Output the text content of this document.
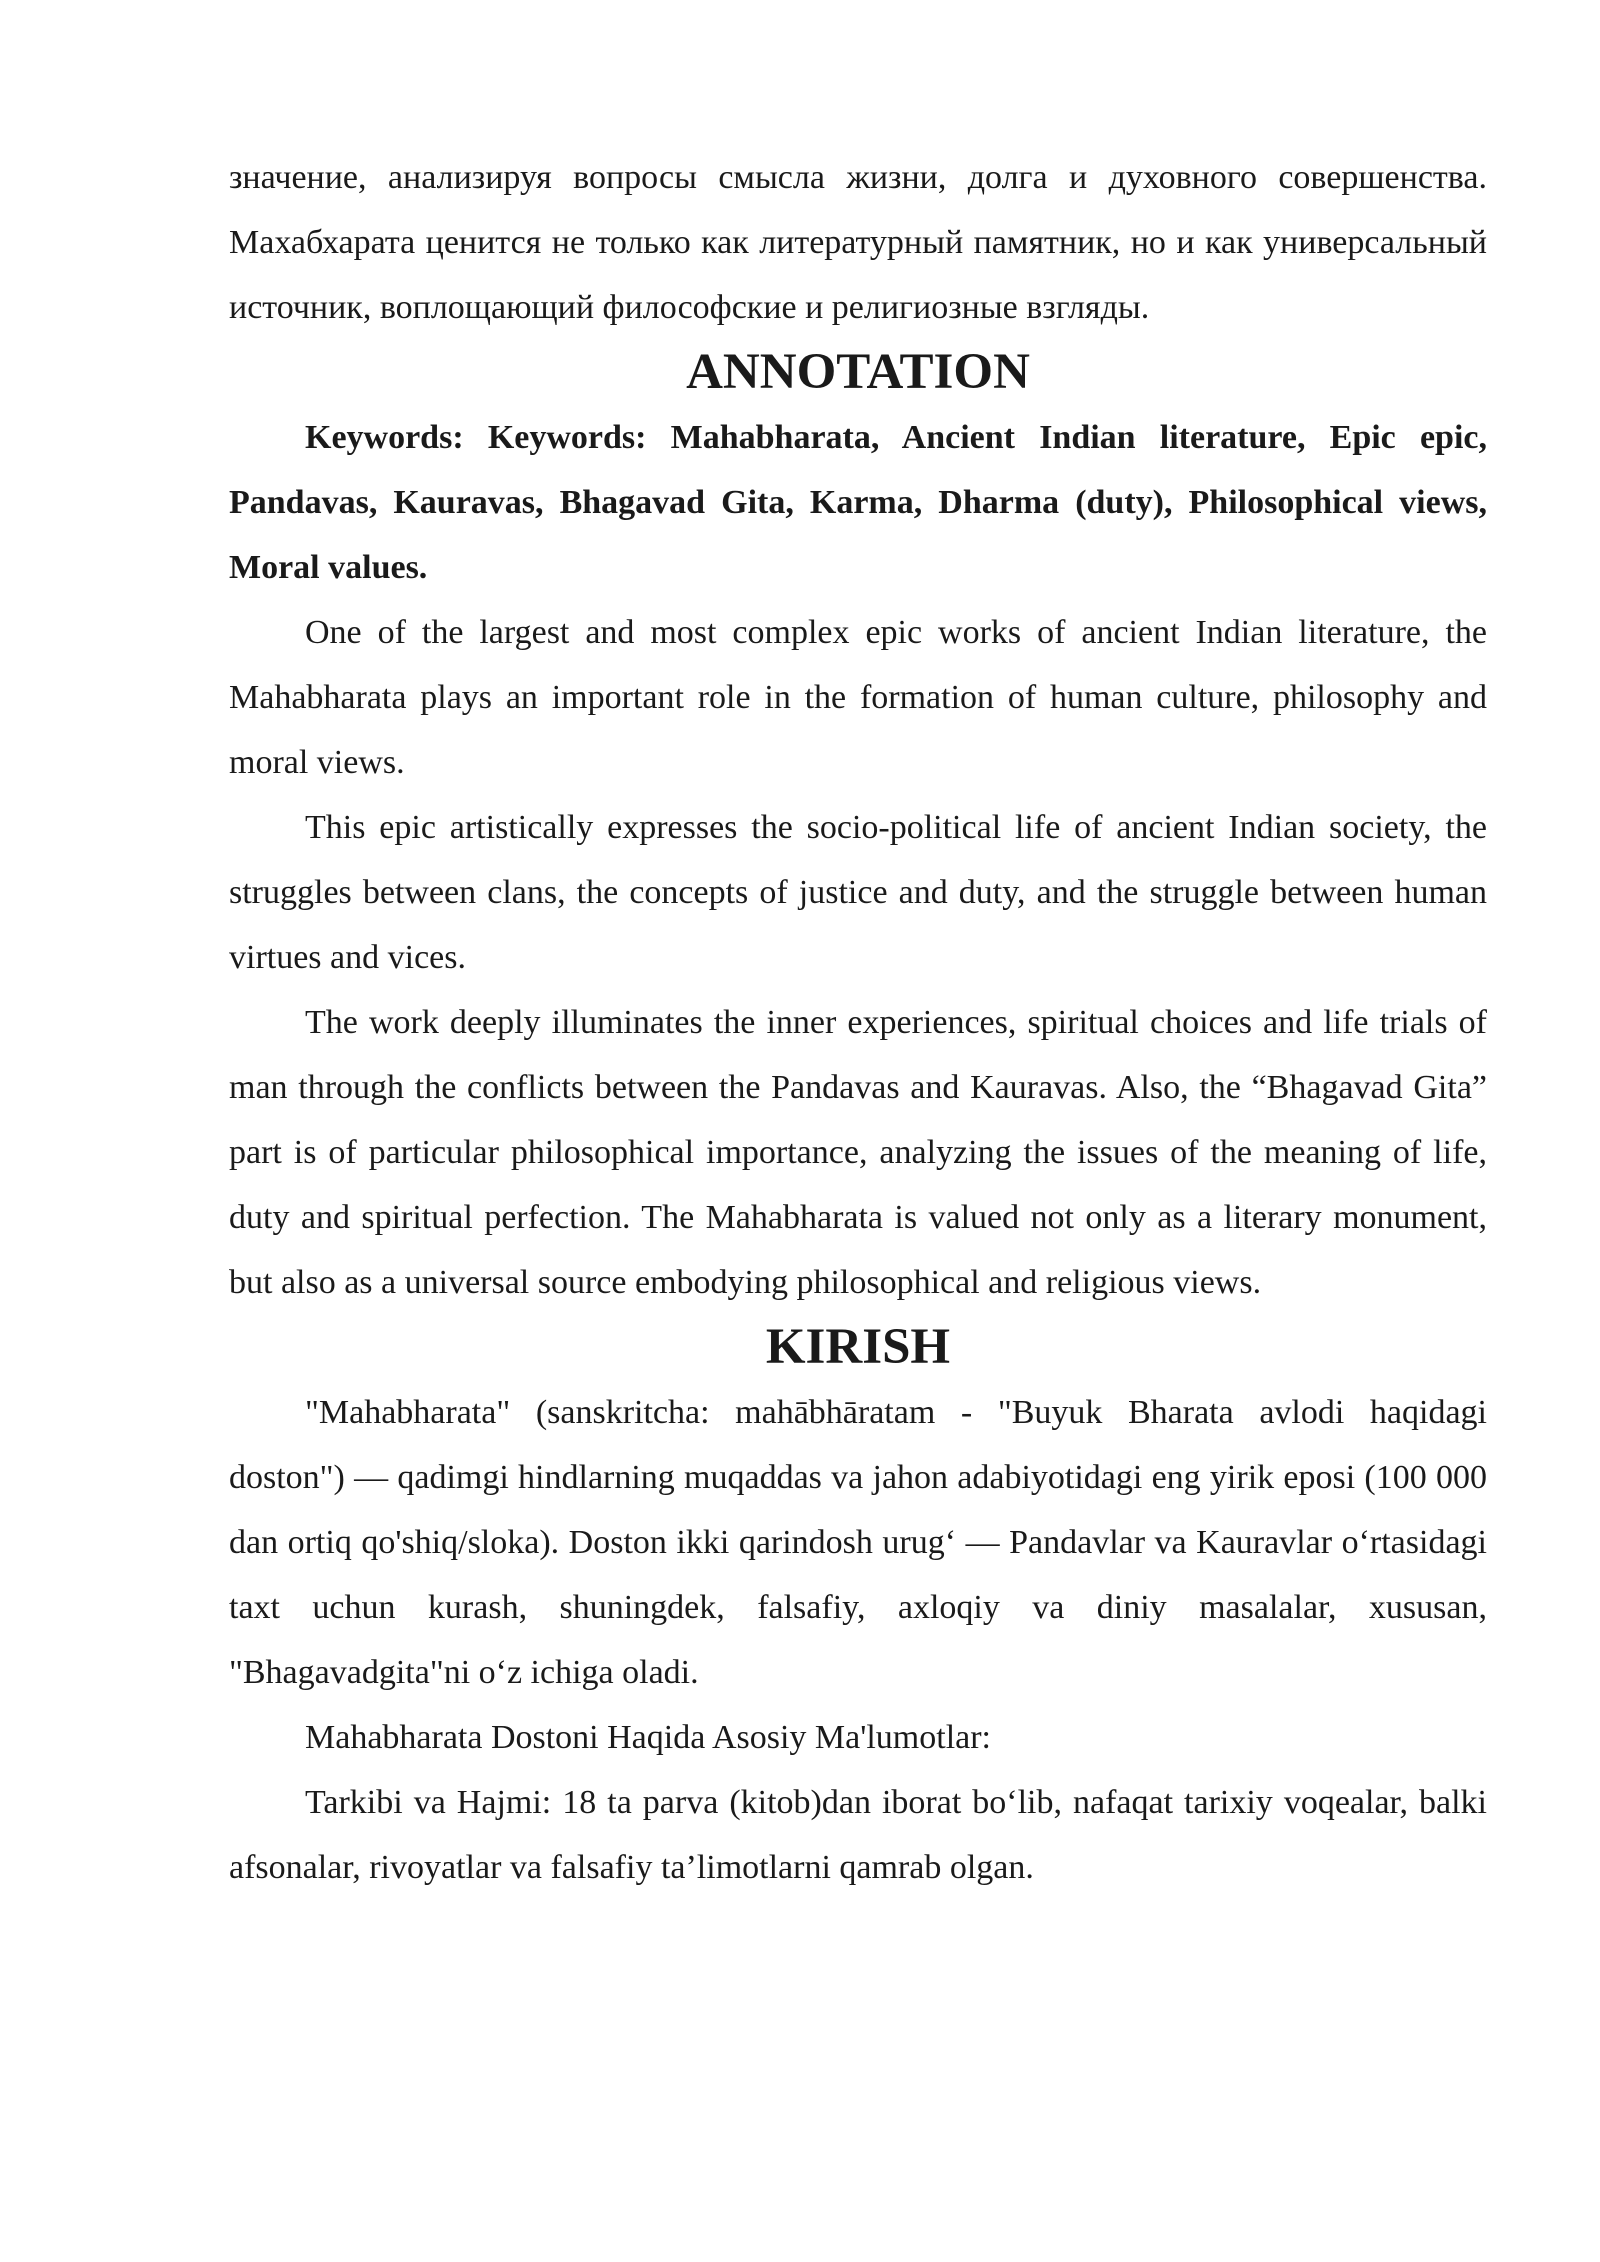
значение, анализируя вопросы смысла жизни, долга и духовного совершенства. Махабхарата ценится не только как литературный памятник, но и как универсальный источник, воплощающий философские и религиозные взгляды.

ANNOTATION

Keywords: Keywords: Mahabharata, Ancient Indian literature, Epic epic, Pandavas, Kauravas, Bhagavad Gita, Karma, Dharma (duty), Philosophical views, Moral values.

One of the largest and most complex epic works of ancient Indian literature, the Mahabharata plays an important role in the formation of human culture, philosophy and moral views.

This epic artistically expresses the socio-political life of ancient Indian society, the struggles between clans, the concepts of justice and duty, and the struggle between human virtues and vices.

The work deeply illuminates the inner experiences, spiritual choices and life trials of man through the conflicts between the Pandavas and Kauravas. Also, the “Bhagavad Gita” part is of particular philosophical importance, analyzing the issues of the meaning of life, duty and spiritual perfection. The Mahabharata is valued not only as a literary monument, but also as a universal source embodying philosophical and religious views.

KIRISH

"Mahabharata" (sanskritcha: mahābhāratam - "Buyuk Bharata avlodi haqidagi doston") — qadimgi hindlarning muqaddas va jahon adabiyotidagi eng yirik eposi (100 000 dan ortiq qo'shiq/sloka). Doston ikki qarindosh urug‘ — Pandavlar va Kauravlar o‘rtasidagi taxt uchun kurash, shuningdek, falsafiy, axloqiy va diniy masalalar, xususan, "Bhagavadgita"ni o‘z ichiga oladi.

Mahabharata Dostoni Haqida Asosiy Ma'lumotlar:

Tarkibi va Hajmi: 18 ta parva (kitob)dan iborat bo‘lib, nafaqat tarixiy voqealar, balki afsonalar, rivoyatlar va falsafiy ta’limotlarni qamrab olgan.
